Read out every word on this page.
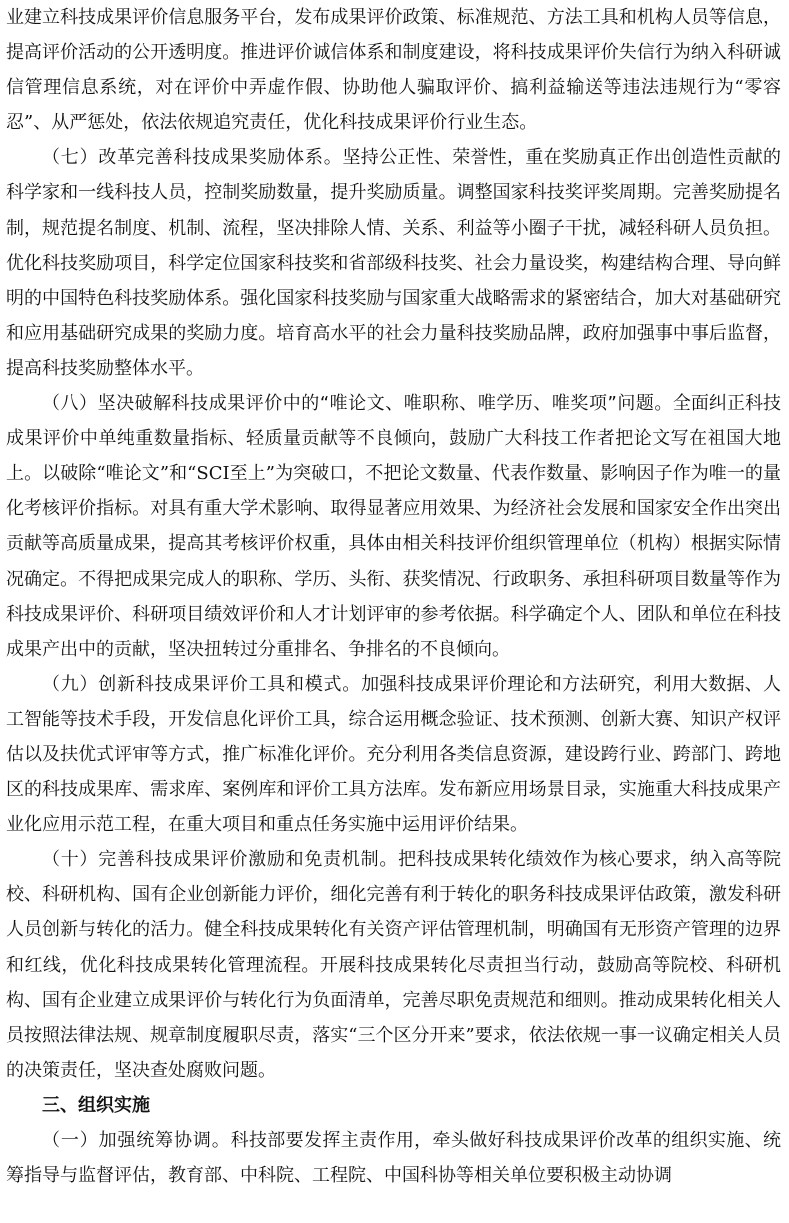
业建立科技成果评价信息服务平台，发布成果评价政策、标准规范、方法工具和机构人员等信息，提高评价活动的公开透明度。推进评价诚信体系和制度建设，将科技成果评价失信行为纳入科研诚信管理信息系统，对在评价中弄虚作假、协助他人骗取评价、搞利益输送等违法违规行为“零容忍”、从严惩处，依法依规追究责任，优化科技成果评价行业生态。

（七）改革完善科技成果奖励体系。坚持公正性、荣誉性，重在奖励真正作出创造性贡献的科学家和一线科技人员，控制奖励数量，提升奖励质量。调整国家科技奖评奖周期。完善奖励提名制，规范提名制度、机制、流程，坚决排除人情、关系、利益等小圈子干扰，减轻科研人员负担。优化科技奖励项目，科学定位国家科技奖和省部级科技奖、社会力量设奖，构建结构合理、导向鲜明的中国特色科技奖励体系。强化国家科技奖励与国家重大战略需求的紧密结合，加大对基础研究和应用基础研究成果的奖励力度。培育高水平的社会力量科技奖励品牌，政府加强事中事后监督，提高科技奖励整体水平。

（八）坚决破解科技成果评价中的“唯论文、唯职称、唯学历、唯奖项”问题。全面纠正科技成果评价中单纯重数量指标、轻质量贡献等不良倾向，鼓励广大科技工作者把论文写在祖国大地上。以破除“唯论文”和“SCI至上”为突破口，不把论文数量、代表作数量、影响因子作为唯一的量化考核评价指标。对具有重大学术影响、取得显著应用效果、为经济社会发展和国家安全作出突出贡献等高质量成果，提高其考核评价权重，具体由相关科技评价组织管理单位（机构）根据实际情况确定。不得把成果完成人的职称、学历、头衔、获奖情况、行政职务、承担科研项目数量等作为科技成果评价、科研项目绩效评价和人才计划评审的参考依据。科学确定个人、团队和单位在科技成果产出中的贡献，坚决扭转过分重排名、争排名的不良倾向。

（九）创新科技成果评价工具和模式。加强科技成果评价理论和方法研究，利用大数据、人工智能等技术手段，开发信息化评价工具，综合运用概念验证、技术预测、创新大赛、知识产权评估以及扶优式评审等方式，推广标准化评价。充分利用各类信息资源，建设跨行业、跨部门、跨地区的科技成果库、需求库、案例库和评价工具方法库。发布新应用场景目录，实施重大科技成果产业化应用示范工程，在重大项目和重点任务实施中运用评价结果。

（十）完善科技成果评价激励和免责机制。把科技成果转化绩效作为核心要求，纳入高等院校、科研机构、国有企业创新能力评价，细化完善有利于转化的职务科技成果评估政策，激发科研人员创新与转化的活力。健全科技成果转化有关资产评估管理机制，明确国有无形资产管理的边界和红线，优化科技成果转化管理流程。开展科技成果转化尽责担当行动，鼓励高等院校、科研机构、国有企业建立成果评价与转化行为负面清单，完善尽职免责规范和细则。推动成果转化相关人员按照法律法规、规章制度履职尽责，落实“三个区分开来”要求，依法依规一事一议确定相关人员的决策责任，坚决查处腐败问题。

三、组织实施

（一）加强统筹协调。科技部要发挥主责作用，牵头做好科技成果评价改革的组织实施、统筹指导与监督评估，教育部、中科院、工程院、中国科协等相关单位要积极主动协调
